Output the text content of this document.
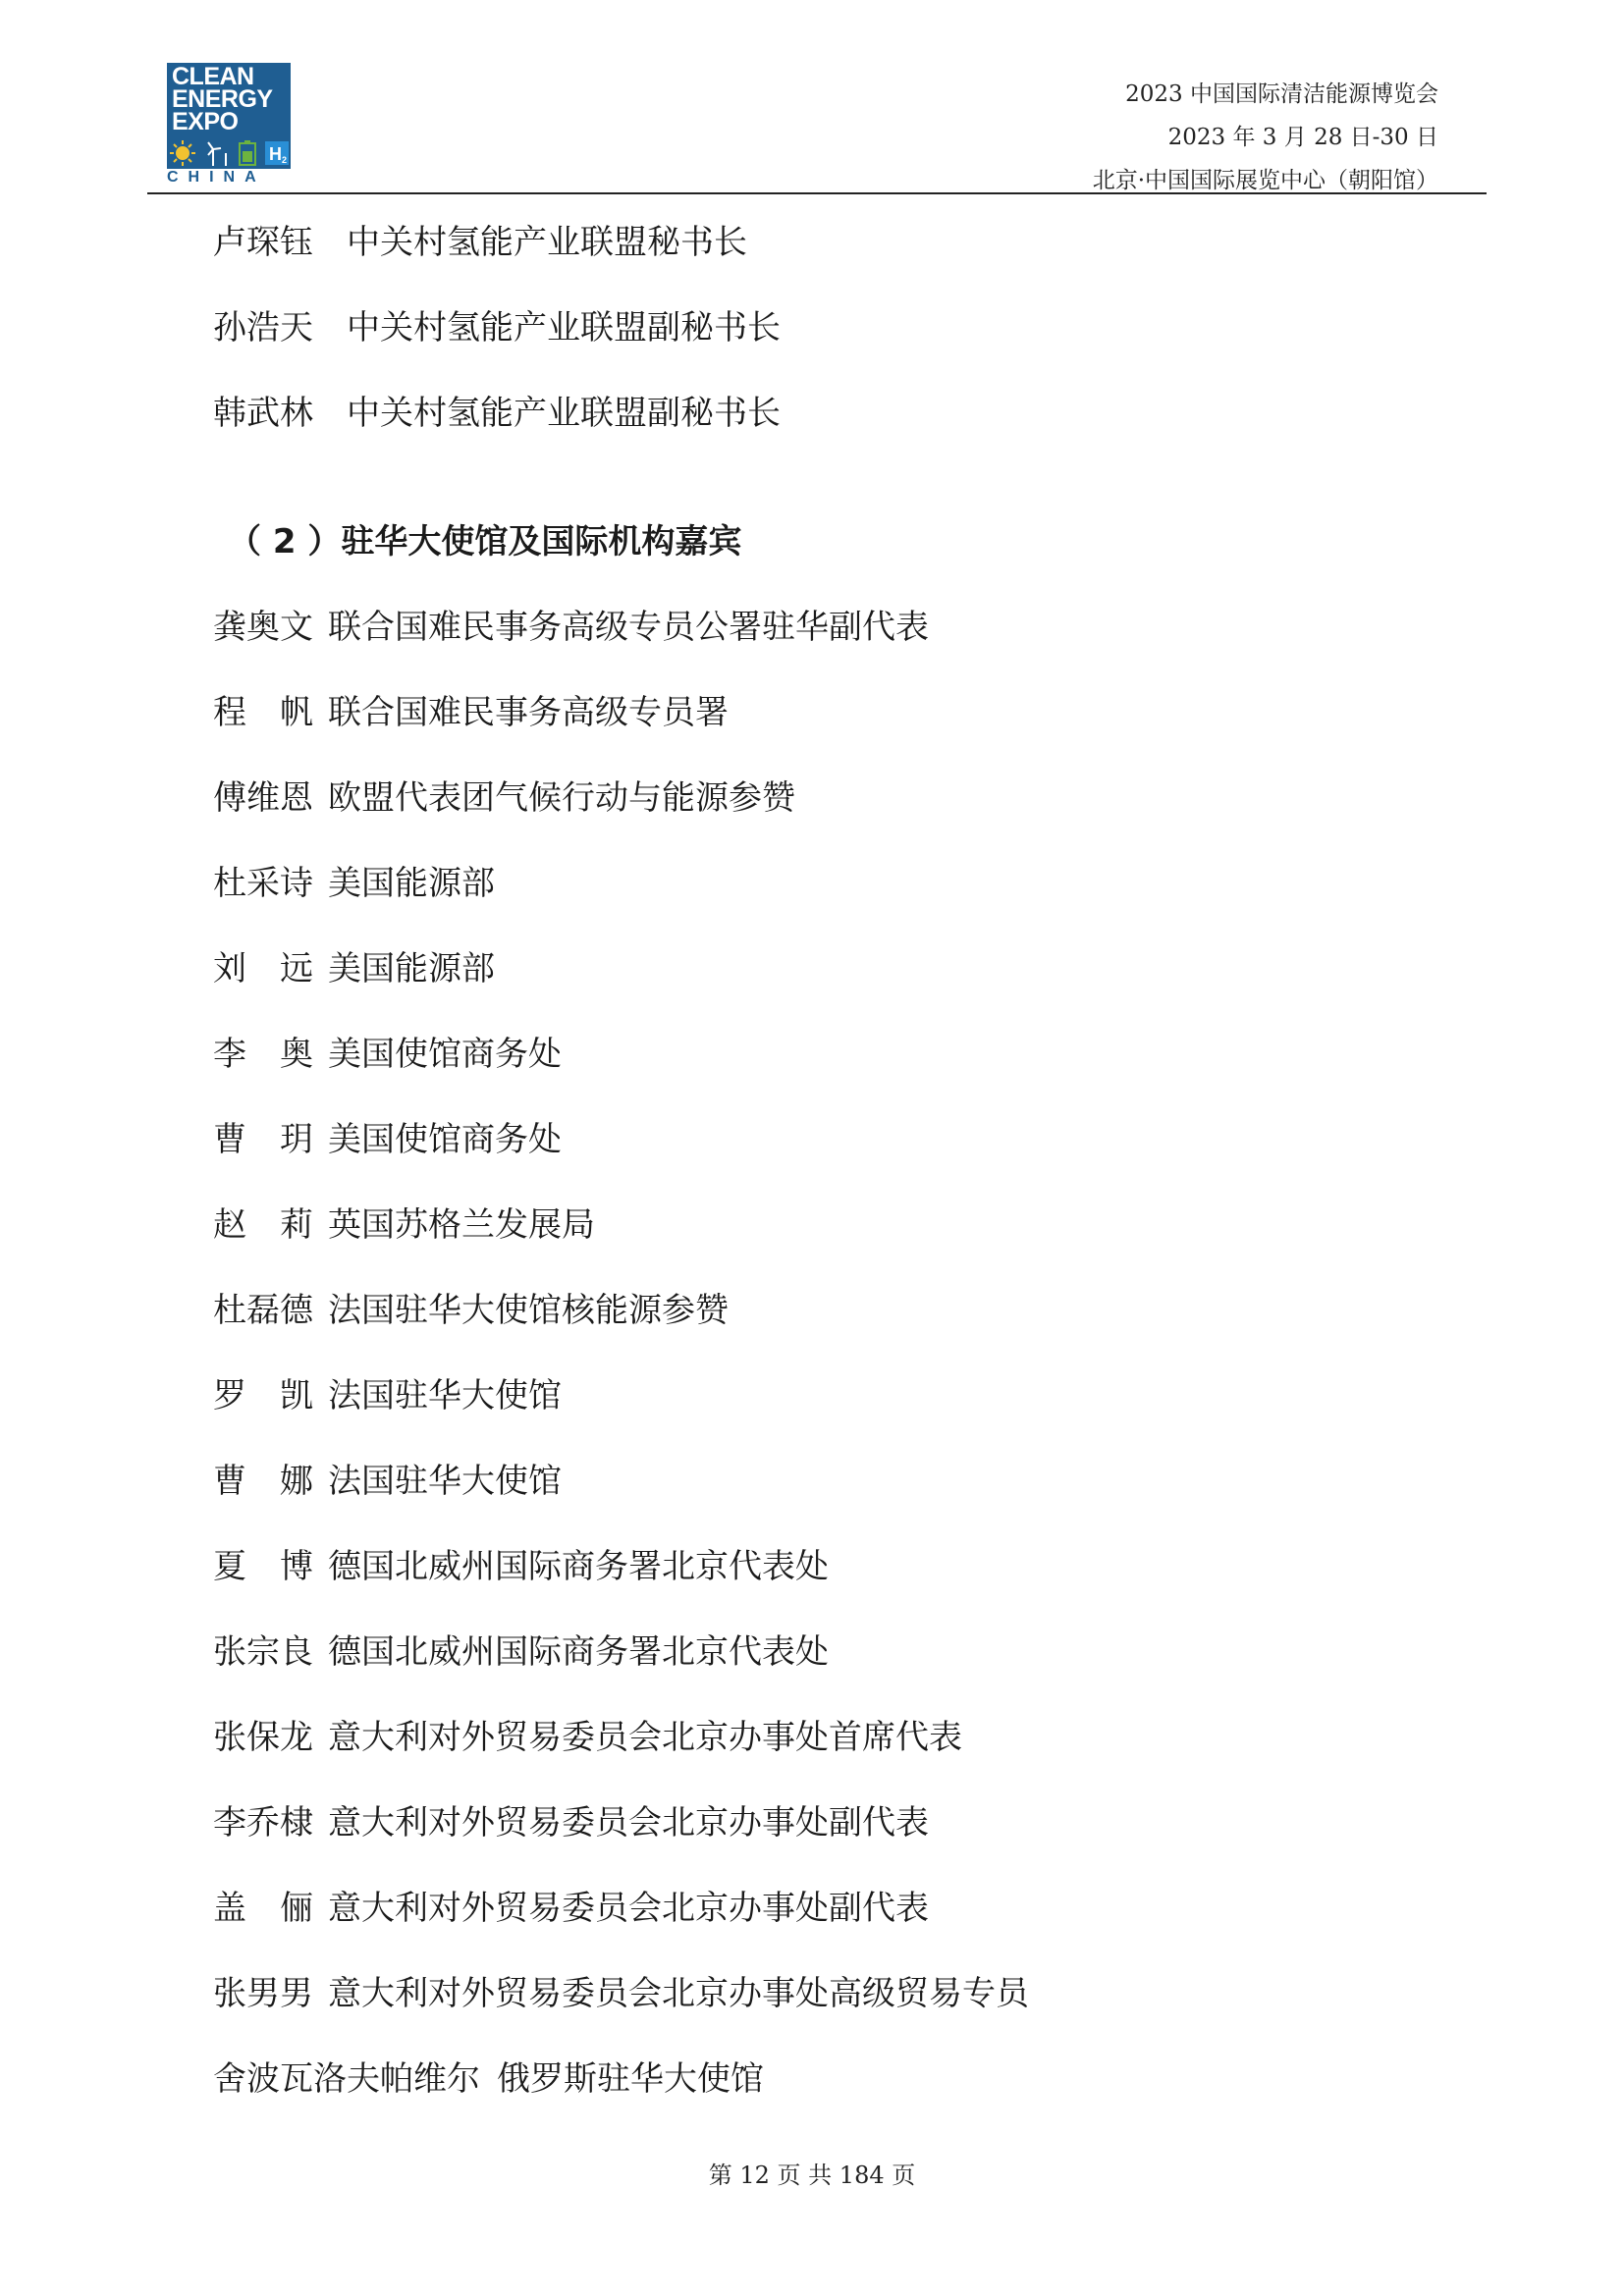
CLEAN
ENERGY
EXPO
H 2
CHINA
2023 中国国际清洁能源博览会
2023 年 3 月 28 日-30 日
北京·中国国际展览中心（朝阳馆）
卢琛钰 中关村氢能产业联盟秘书长
孙浩天 中关村氢能产业联盟副秘书长
韩武林 中关村氢能产业联盟副秘书长
（ 2 ）驻华大使馆及国际机构嘉宾
龚奥文 联合国难民事务高级专员公署驻华副代表
程　帆 联合国难民事务高级专员署
傅维恩 欧盟代表团气候行动与能源参赞
杜采诗 美国能源部
刘　远 美国能源部
李　奥 美国使馆商务处
曹　玥 美国使馆商务处
赵　莉 英国苏格兰发展局
杜磊德 法国驻华大使馆核能源参赞
罗　凯 法国驻华大使馆
曹　娜 法国驻华大使馆
夏　博 德国北威州国际商务署北京代表处
张宗良 德国北威州国际商务署北京代表处
张保龙 意大利对外贸易委员会北京办事处首席代表
李乔棣 意大利对外贸易委员会北京办事处副代表
盖　俪 意大利对外贸易委员会北京办事处副代表
张男男 意大利对外贸易委员会北京办事处高级贸易专员
舍波瓦洛夫帕维尔 俄罗斯驻华大使馆
第 12 页 共 184 页
